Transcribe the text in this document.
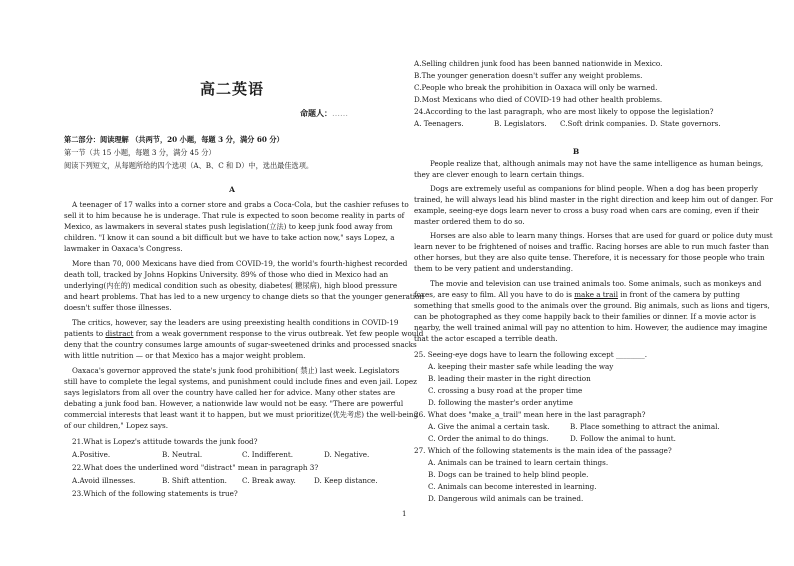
高二英语
命题人：……
第二部分：阅读理解 （共两节，20 小题，每题 3 分，满分 60 分）
第一节（共 15 小题，每题 3 分，满分 45 分）
阅读下列短文，从每题所给的四个选项（A、B、C 和 D）中，选出最佳选项。
A
A teenager of 17 walks into a corner store and grabs a Coca-Cola, but the cashier refuses to
sell it to him because he is underage. That rule is expected to soon become reality in parts of
Mexico, as lawmakers in several states push legislation(立法) to keep junk food away from
children. "I know it can sound a bit difficult but we have to take action now," says Lopez, a
lawmaker in Oaxaca's Congress.
More than 70, 000 Mexicans have died from COVID-19, the world's fourth-highest recorded
death toll, tracked by Johns Hopkins University. 89% of those who died in Mexico had an
underlying(内在的) medical condition such as obesity, diabetes( 糖尿病), high blood pressure
and heart problems. That has led to a new urgency to change diets so that the younger generation
doesn't suffer those illnesses.
The critics, however, say the leaders are using preexisting health conditions in COVID-19
patients to distract from a weak government response to the virus outbreak. Yet few people would
deny that the country consumes large amounts of sugar-sweetened drinks and processed snacks
with little nutrition — or that Mexico has a major weight problem.
Oaxaca's governor approved the state's junk food prohibition( 禁止) last week. Legislators
still have to complete the legal systems, and punishment could include fines and even jail. Lopez
says legislators from all over the country have called her for advice. Many other states are
debating a junk food ban. However, a nationwide law would not be easy. "There are powerful
commercial interests that least want it to happen, but we must prioritize(优先考虑) the well-being
of our children," Lopez says.
21.What is Lopez's attitude towards the junk food?
A.Positive.	B. Neutral.	C. Indifferent.	D. Negative.
22.What does the underlined word "distract" mean in paragraph 3?
A.Avoid illnesses.	B. Shift attention. C. Break away.	D. Keep distance.
23.Which of the following statements is true?
A.Selling children junk food has been banned nationwide in Mexico.
B.The younger generation doesn't suffer any weight problems.
C.People who break the prohibition in Oaxaca will only be warned.
D.Most Mexicans who died of COVID-19 had other health problems.
24.According to the last paragraph, who are most likely to oppose the legislation?
A. Teenagers.	B. Legislators. C.Soft drink companies. D. State governors.
B
People realize that, although animals may not have the same intelligence as human beings,
they are clever enough to learn certain things.
Dogs are extremely useful as companions for blind people. When a dog has been properly
trained, he will always lead his blind master in the right direction and keep him out of danger. For
example, seeing-eye dogs learn never to cross a busy road when cars are coming, even if their
master ordered them to do so.
Horses are also able to learn many things. Horses that are used for guard or police duty must
learn never to be frightened of noises and traffic. Racing horses are able to run much faster than
other horses, but they are also quite tense. Therefore, it is necessary for those people who train
them to be very patient and understanding.
The movie and television can use trained animals too. Some animals, such as monkeys and
foxes, are easy to film. All you have to do is make a trail in front of the camera by putting
something that smells good to the animals over the ground. Big animals, such as lions and tigers,
can be photographed as they come happily back to their families or dinner. If a movie actor is
nearby, the well trained animal will pay no attention to him. However, the audience may imagine
that the actor escaped a terrible death.
25. Seeing-eye dogs have to learn the following except ________.
A. keeping their master safe while leading the way
B. leading their master in the right direction
C. crossing a busy road at the proper time
D. following the master's order anytime
26. What does "make_a_trail" mean here in the last paragraph?
A. Give the animal a certain task.	B. Place something to attract the animal.
C. Order the animal to do things.	D. Follow the animal to hunt.
27. Which of the following statements is the main idea of the passage?
A. Animals can be trained to learn certain things.
B. Dogs can be trained to help blind people.
C. Animals can become interested in learning.
D. Dangerous wild animals can be trained.
1
